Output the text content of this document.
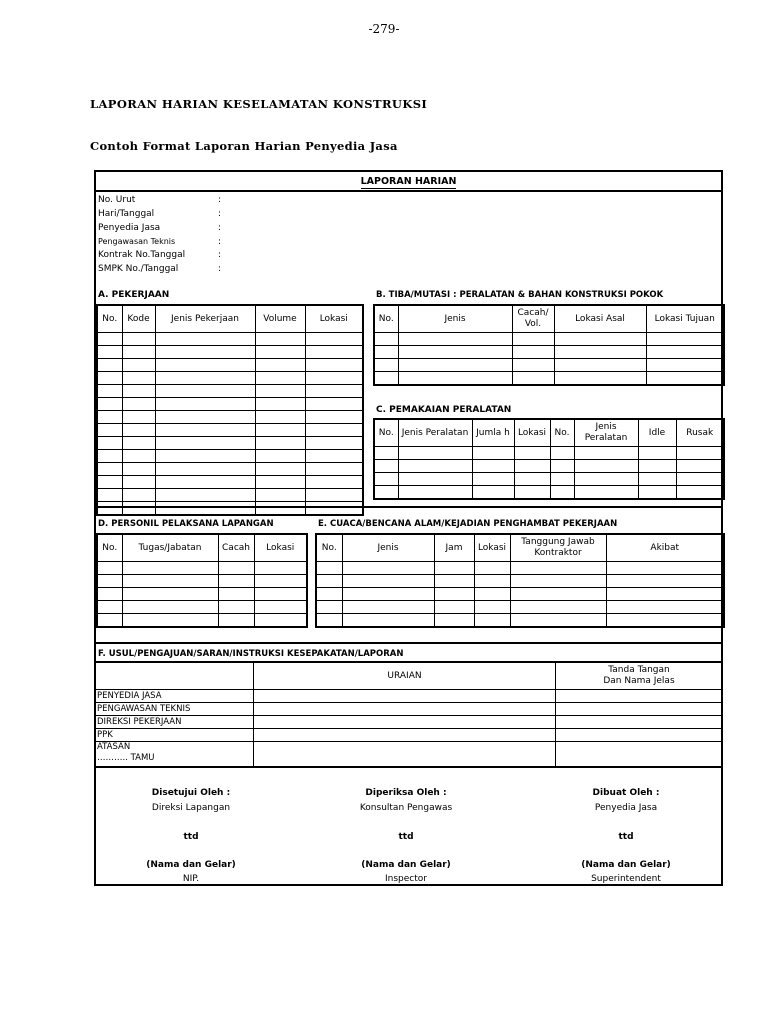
-279-
LAPORAN HARIAN KESELAMATAN KONSTRUKSI
Contoh Format Laporan Harian Penyedia Jasa
LAPORAN HARIAN
No. Urut	:
Hari/Tanggal	:
Penyedia Jasa	:
Pengawasan Teknis	:
Kontrak No.Tanggal	:
SMPK No./Tanggal	:
A. PEKERJAAN
No.	Kode	Jenis Pekerjaan	Volume	Lokasi

B. TIBA/MUTASI : PERALATAN & BAHAN KONSTRUKSI POKOK
No.	Jenis	Cacah/ Vol.	Lokasi Asal	Lokasi Tujuan

C. PEMAKAIAN PERALATAN
No.	Jenis Peralatan	Jumla h	Lokasi	No.	Jenis Peralatan	Idle	Rusak

D. PERSONIL PELAKSANA LAPANGAN
No.	Tugas/Jabatan	Cacah	Lokasi

E. CUACA/BENCANA ALAM/KEJADIAN PENGHAMBAT PEKERJAAN
No.	Jenis	Jam	Lokasi	Tanggung Jawab Kontraktor	Akibat

F. USUL/PENGAJUAN/SARAN/INSTRUKSI KESEPAKATAN/LAPORAN
	URAIAN	Tanda Tangan
Dan Nama Jelas
PENYEDIA JASA		
PENGAWASAN TEKNIS		
DIREKSI PEKERJAAN		
PPK		
ATASAN
……….. TAMU		
Disetujui Oleh :
Direksi Lapangan
ttd
(Nama dan Gelar)
NIP.
Diperiksa Oleh :
Konsultan Pengawas
ttd
(Nama dan Gelar)
Inspector
Dibuat Oleh :
Penyedia Jasa
ttd
(Nama dan Gelar)
Superintendent
